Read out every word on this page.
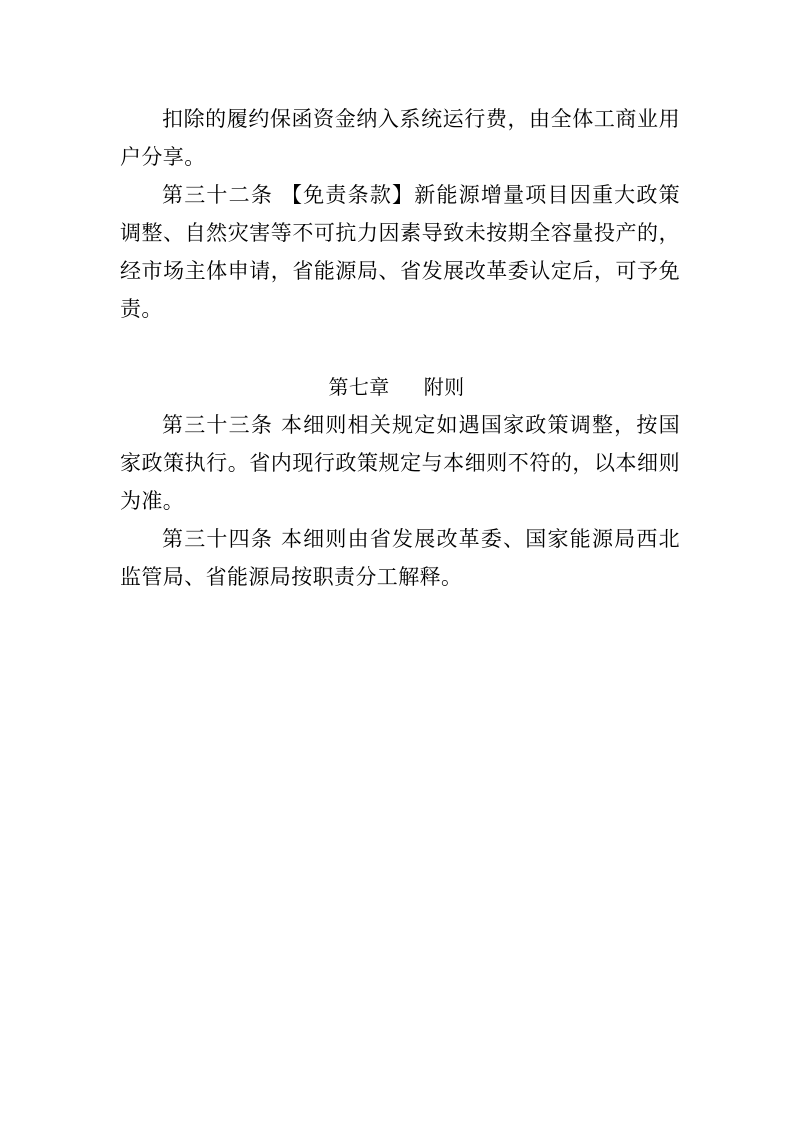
扣除的履约保函资金纳入系统运行费，由全体工商业用户分享。

第三十二条 【免责条款】新能源增量项目因重大政策调整、自然灾害等不可抗力因素导致未按期全容量投产的，经市场主体申请，省能源局、省发展改革委认定后，可予免责。

第七章 附则

第三十三条 本细则相关规定如遇国家政策调整，按国家政策执行。省内现行政策规定与本细则不符的，以本细则为准。

第三十四条 本细则由省发展改革委、国家能源局西北监管局、省能源局按职责分工解释。
